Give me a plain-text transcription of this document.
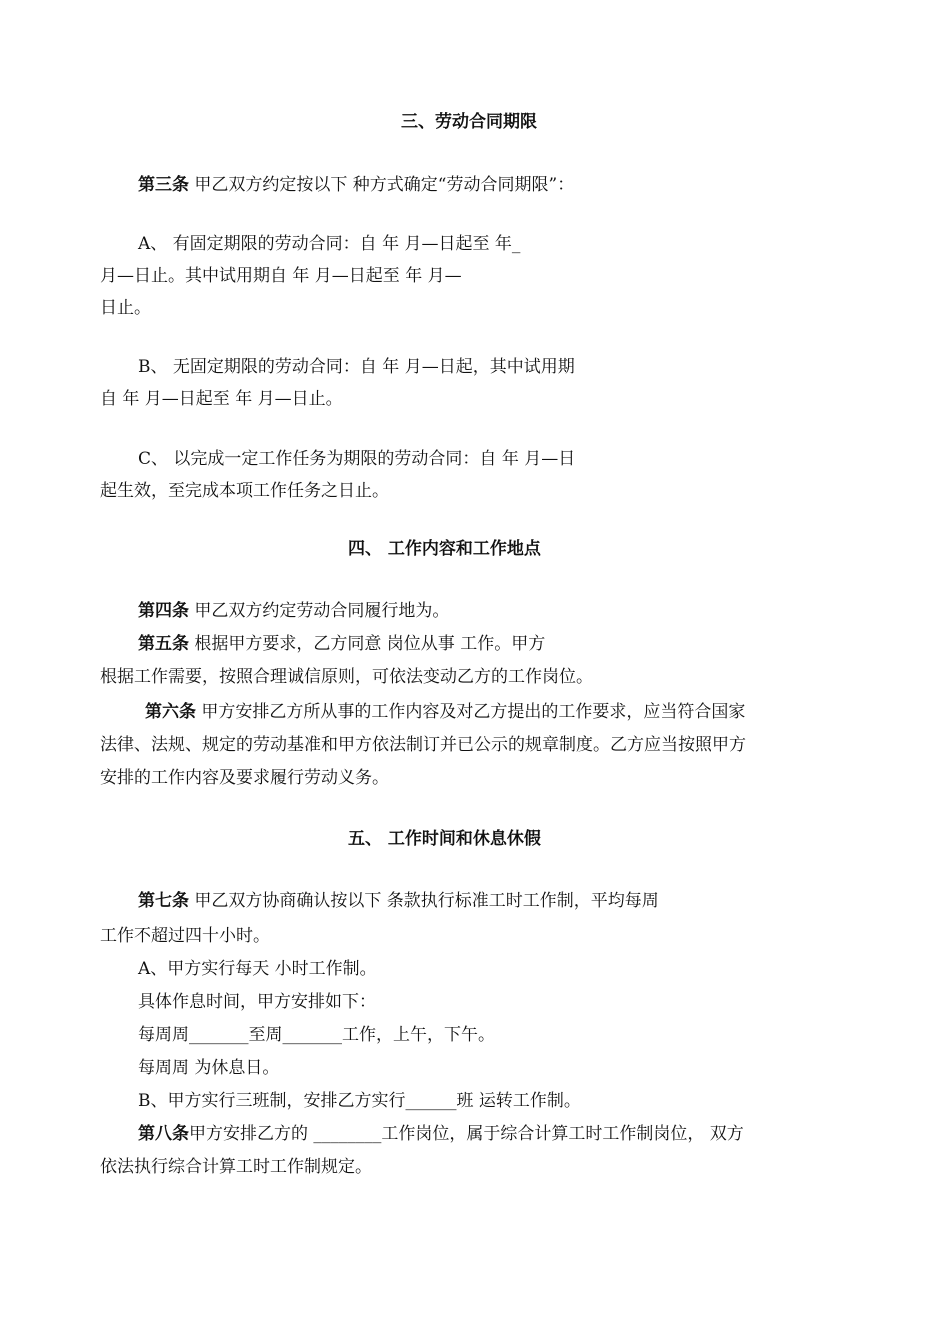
三、劳动合同期限
第三条 甲乙双方约定按以下 种方式确定“劳动合同期限”：
A、 有固定期限的劳动合同：自 年 月—日起至 年_
月—日止。其中试用期自 年 月—日起至 年 月—
日止。
B、 无固定期限的劳动合同：自 年 月—日起，其中试用期
自 年 月—日起至 年 月—日止。
C、 以完成一定工作任务为期限的劳动合同：自 年 月—日
起生效，至完成本项工作任务之日止。
四、 工作内容和工作地点
第四条 甲乙双方约定劳动合同履行地为。
第五条 根据甲方要求，乙方同意 岗位从事 工作。甲方
根据工作需要，按照合理诚信原则，可依法变动乙方的工作岗位。
第六条 甲方安排乙方所从事的工作内容及对乙方提出的工作要求，应当符合国家
法律、法规、规定的劳动基准和甲方依法制订并已公示的规章制度。乙方应当按照甲方
安排的工作内容及要求履行劳动义务。
五、 工作时间和休息休假
第七条 甲乙双方协商确认按以下 条款执行标准工时工作制，平均每周
工作不超过四十小时。
A、甲方实行每天 小时工作制。
具体作息时间，甲方安排如下：
每周周_______至周_______工作，上午，下午。
每周周 为休息日。
B、甲方实行三班制，安排乙方实行______班 运转工作制。
第八条甲方安排乙方的 ________工作岗位，属于综合计算工时工作制岗位， 双方
依法执行综合计算工时工作制规定。
